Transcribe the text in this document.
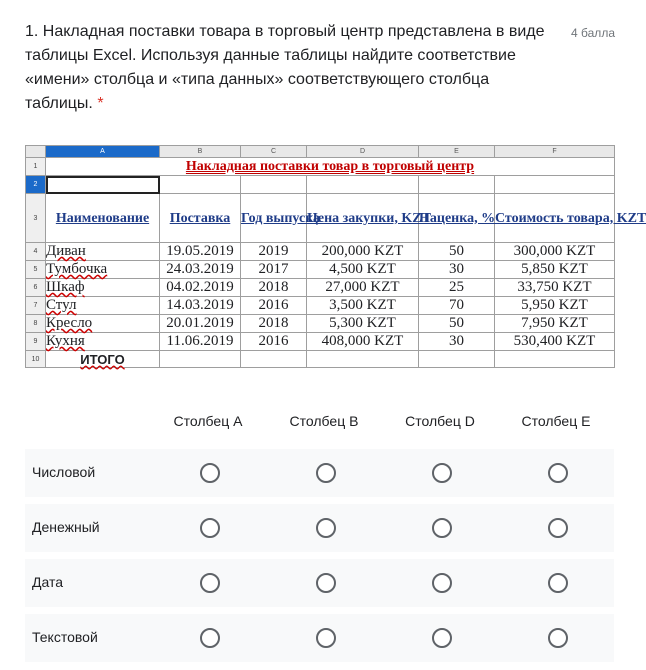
1. Накладная поставки товара в торговый центр представлена в виде таблицы Excel. Используя данные таблицы найдите соответствие «имени» столбца и «типа данных» соответствующего столбца таблицы. *
4 балла
	A	B	C	D	E	F
1	Накладная поставки товар в торговый центр					
2						
3	Наименование	Поставка	Год выпуска	Цена закупки, KZT	Наценка, %	Стоимость товара, KZT
4	Диван	19.05.2019	2019	200,000 KZT	50	300,000 KZT
5	Тумбочка	24.03.2019	2017	4,500 KZT	30	5,850 KZT
6	Шкаф	04.02.2019	2018	27,000 KZT	25	33,750 KZT
7	Стул	14.03.2019	2016	3,500 KZT	70	5,950 KZT
8	Кресло	20.01.2019	2018	5,300 KZT	50	7,950 KZT
9	Кухня	11.06.2019	2016	408,000 KZT	30	530,400 KZT
10	ИТОГО					
Столбец A	Столбец B	Столбец D	Столбец E
Числовой
Денежный
Дата
Текстовой
